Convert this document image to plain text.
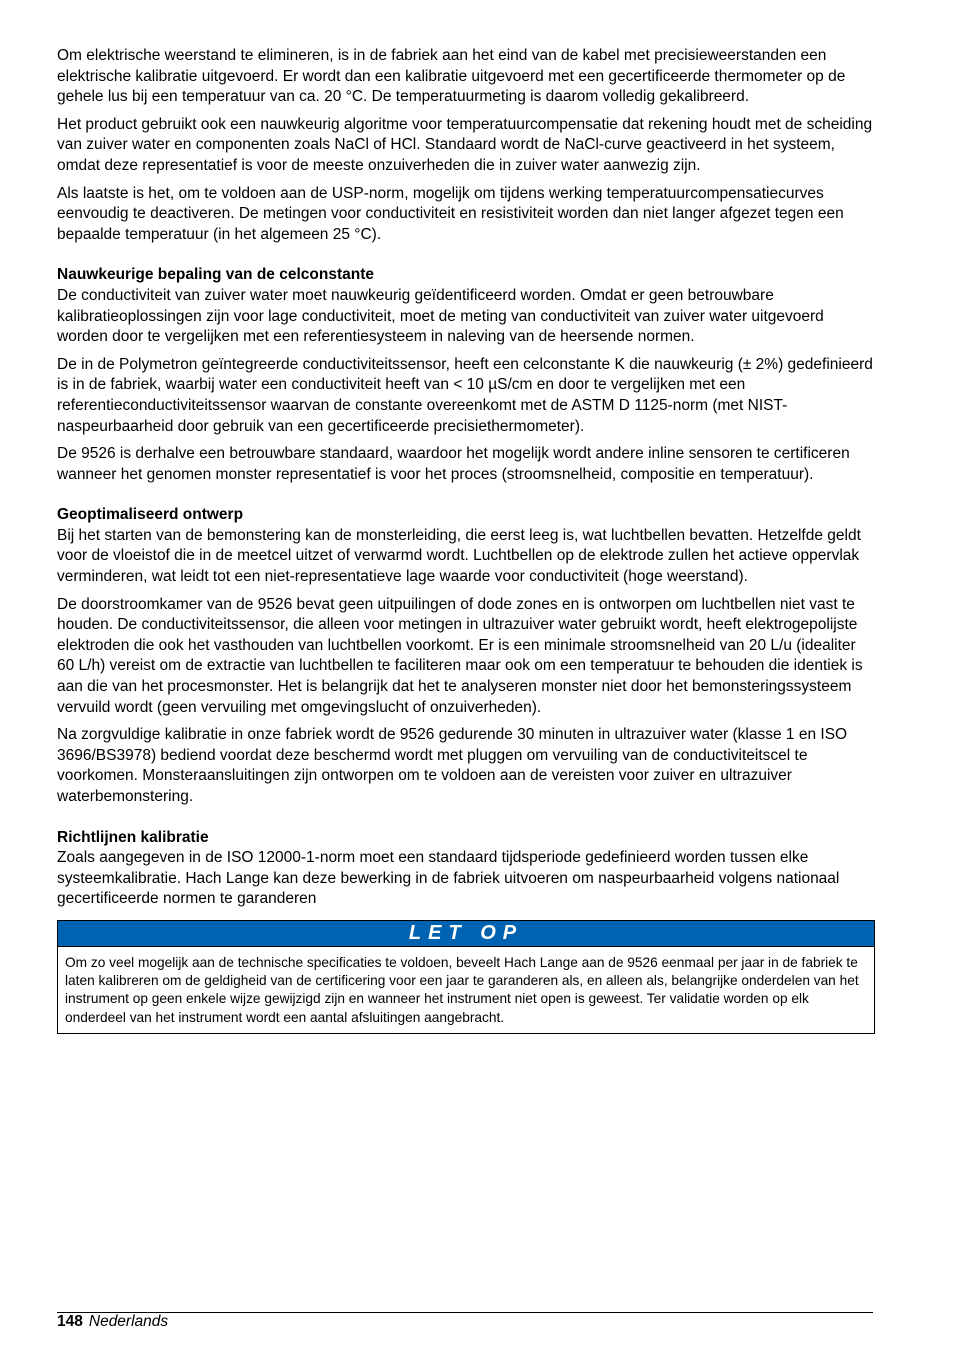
Om elektrische weerstand te elimineren, is in de fabriek aan het eind van de kabel met precisieweerstanden een elektrische kalibratie uitgevoerd. Er wordt dan een kalibratie uitgevoerd met een gecertificeerde thermometer op de gehele lus bij een temperatuur van ca. 20 °C. De temperatuurmeting is daarom volledig gekalibreerd.

Het product gebruikt ook een nauwkeurig algoritme voor temperatuurcompensatie dat rekening houdt met de scheiding van zuiver water en componenten zoals NaCl of HCl. Standaard wordt de NaCl-curve geactiveerd in het systeem, omdat deze representatief is voor de meeste onzuiverheden die in zuiver water aanwezig zijn.

Als laatste is het, om te voldoen aan de USP-norm, mogelijk om tijdens werking temperatuurcompensatiecurves eenvoudig te deactiveren. De metingen voor conductiviteit en resistiviteit worden dan niet langer afgezet tegen een bepaalde temperatuur (in het algemeen 25 °C).

Nauwkeurige bepaling van de celconstante

De conductiviteit van zuiver water moet nauwkeurig geïdentificeerd worden. Omdat er geen betrouwbare kalibratieoplossingen zijn voor lage conductiviteit, moet de meting van conductiviteit van zuiver water uitgevoerd worden door te vergelijken met een referentiesysteem in naleving van de heersende normen.

De in de Polymetron geïntegreerde conductiviteitssensor, heeft een celconstante K die nauwkeurig (± 2%) gedefinieerd is in de fabriek, waarbij water een conductiviteit heeft van < 10 µS/cm en door te vergelijken met een referentieconductiviteitssensor waarvan de constante overeenkomt met de ASTM D 1125-norm (met NIST-naspeurbaarheid door gebruik van een gecertificeerde precisiethermometer).

De 9526 is derhalve een betrouwbare standaard, waardoor het mogelijk wordt andere inline sensoren te certificeren wanneer het genomen monster representatief is voor het proces (stroomsnelheid, compositie en temperatuur).

Geoptimaliseerd ontwerp

Bij het starten van de bemonstering kan de monsterleiding, die eerst leeg is, wat luchtbellen bevatten. Hetzelfde geldt voor de vloeistof die in de meetcel uitzet of verwarmd wordt. Luchtbellen op de elektrode zullen het actieve oppervlak verminderen, wat leidt tot een niet-representatieve lage waarde voor conductiviteit (hoge weerstand).

De doorstroomkamer van de 9526 bevat geen uitpuilingen of dode zones en is ontworpen om luchtbellen niet vast te houden. De conductiviteitssensor, die alleen voor metingen in ultrazuiver water gebruikt wordt, heeft elektrogepolijste elektroden die ook het vasthouden van luchtbellen voorkomt. Er is een minimale stroomsnelheid van 20 L/u (idealiter 60 L/h) vereist om de extractie van luchtbellen te faciliteren maar ook om een temperatuur te behouden die identiek is aan die van het procesmonster. Het is belangrijk dat het te analyseren monster niet door het bemonsteringssysteem vervuild wordt (geen vervuiling met omgevingslucht of onzuiverheden).

Na zorgvuldige kalibratie in onze fabriek wordt de 9526 gedurende 30 minuten in ultrazuiver water (klasse 1 en ISO 3696/BS3978) bediend voordat deze beschermd wordt met pluggen om vervuiling van de conductiviteitscel te voorkomen. Monsteraansluitingen zijn ontworpen om te voldoen aan de vereisten voor zuiver en ultrazuiver waterbemonstering.

Richtlijnen kalibratie

Zoals aangegeven in de ISO 12000-1-norm moet een standaard tijdsperiode gedefinieerd worden tussen elke systeemkalibratie. Hach Lange kan deze bewerking in de fabriek uitvoeren om naspeurbaarheid volgens nationaal gecertificeerde normen te garanderen

LET OP
Om zo veel mogelijk aan de technische specificaties te voldoen, beveelt Hach Lange aan de 9526 eenmaal per jaar in de fabriek te laten kalibreren om de geldigheid van de certificering voor een jaar te garanderen als, en alleen als, belangrijke onderdelen van het instrument op geen enkele wijze gewijzigd zijn en wanneer het instrument niet open is geweest. Ter validatie worden op elk onderdeel van het instrument wordt een aantal afsluitingen aangebracht.
148 Nederlands
